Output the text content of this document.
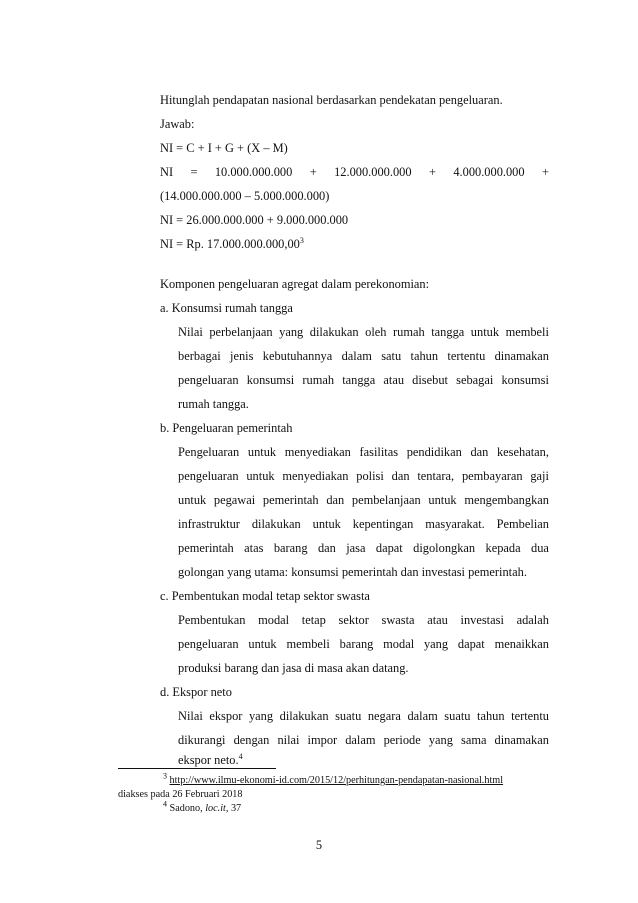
Hitunglah pendapatan nasional berdasarkan pendekatan pengeluaran.
Jawab:
NI = C + I + G + (X – M)
NI = 10.000.000.000 + 12.000.000.000 + 4.000.000.000 +
(14.000.000.000 – 5.000.000.000)
NI = 26.000.000.000 + 9.000.000.000
NI = Rp. 17.000.000.000,00$^3$
Komponen pengeluaran agregat dalam perekonomian:
a. Konsumsi rumah tangga
Nilai perbelanjaan yang dilakukan oleh rumah tangga untuk membeli
berbagai jenis kebutuhannya dalam satu tahun tertentu dinamakan
pengeluaran konsumsi rumah tangga atau disebut sebagai konsumsi
rumah tangga.
b. Pengeluaran pemerintah
Pengeluaran untuk menyediakan fasilitas pendidikan dan kesehatan,
pengeluaran untuk menyediakan polisi dan tentara, pembayaran gaji
untuk pegawai pemerintah dan pembelanjaan untuk mengembangkan
infrastruktur dilakukan untuk kepentingan masyarakat. Pembelian
pemerintah atas barang dan jasa dapat digolongkan kepada dua
golongan yang utama: konsumsi pemerintah dan investasi pemerintah.
c. Pembentukan modal tetap sektor swasta
Pembentukan modal tetap sektor swasta atau investasi adalah
pengeluaran untuk membeli barang modal yang dapat menaikkan
produksi barang dan jasa di masa akan datang.
d. Ekspor neto
Nilai ekspor yang dilakukan suatu negara dalam suatu tahun tertentu
dikurangi dengan nilai impor dalam periode yang sama dinamakan
ekspor neto.$^4$
$^3$ http://www.ilmu-ekonomi-id.com/2015/12/perhitungan-pendapatan-nasional.html
diakses pada 26 Februari 2018
$^4$ Sadono, loc.it, 37
5
